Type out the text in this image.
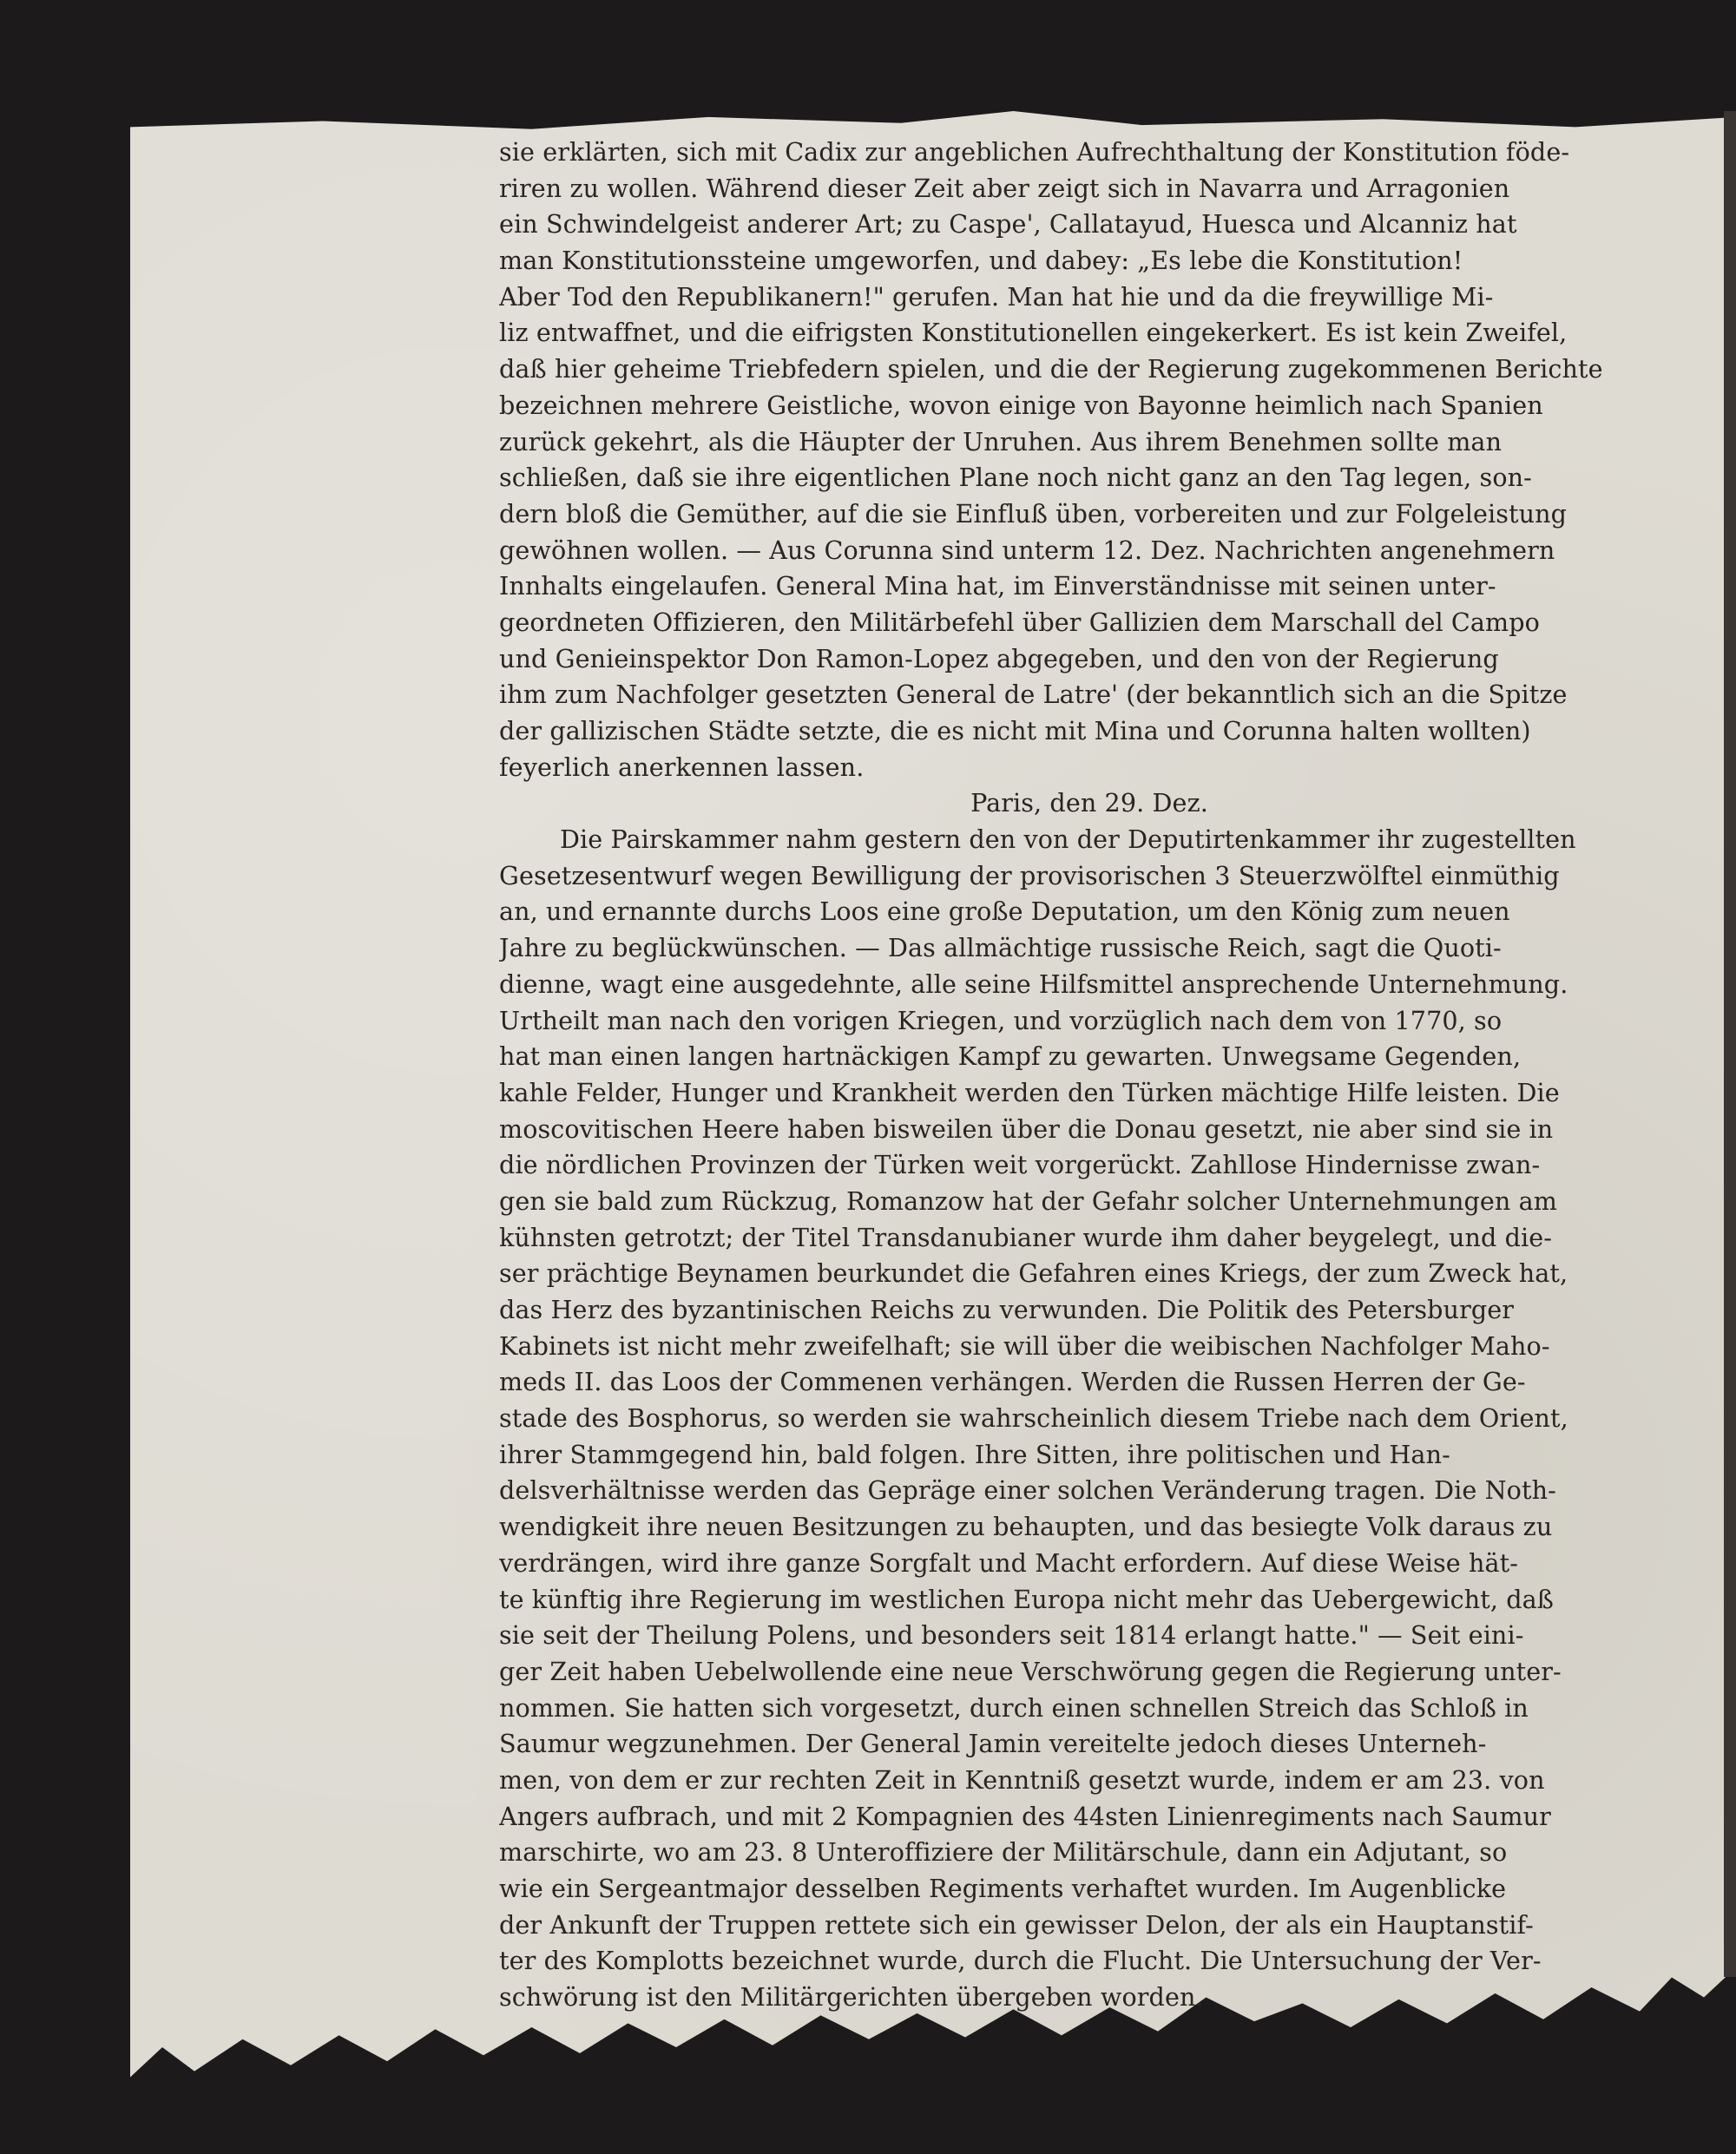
sie erklärten, sich mit Cadix zur angeblichen Aufrechthaltung der Konstitution föde-
riren zu wollen. Während dieser Zeit aber zeigt sich in Navarra und Arragonien
ein Schwindelgeist anderer Art; zu Caspe', Callatayud, Huesca und Alcanniz hat
man Konstitutionssteine umgeworfen, und dabey: „Es lebe die Konstitution!
Aber Tod den Republikanern!" gerufen. Man hat hie und da die freywillige Mi-
liz entwaffnet, und die eifrigsten Konstitutionellen eingekerkert. Es ist kein Zweifel,
daß hier geheime Triebfedern spielen, und die der Regierung zugekommenen Berichte
bezeichnen mehrere Geistliche, wovon einige von Bayonne heimlich nach Spanien
zurück gekehrt, als die Häupter der Unruhen. Aus ihrem Benehmen sollte man
schließen, daß sie ihre eigentlichen Plane noch nicht ganz an den Tag legen, son-
dern bloß die Gemüther, auf die sie Einfluß üben, vorbereiten und zur Folgeleistung
gewöhnen wollen. — Aus Corunna sind unterm 12. Dez. Nachrichten angenehmern
Innhalts eingelaufen. General Mina hat, im Einverständnisse mit seinen unter-
geordneten Offizieren, den Militärbefehl über Gallizien dem Marschall del Campo
und Genieinspektor Don Ramon-Lopez abgegeben, und den von der Regierung
ihm zum Nachfolger gesetzten General de Latre' (der bekanntlich sich an die Spitze
der gallizischen Städte setzte, die es nicht mit Mina und Corunna halten wollten)
feyerlich anerkennen lassen.
Paris, den 29. Dez.
Die Pairskammer nahm gestern den von der Deputirtenkammer ihr zugestellten
Gesetzesentwurf wegen Bewilligung der provisorischen 3 Steuerzwölftel einmüthig
an, und ernannte durchs Loos eine große Deputation, um den König zum neuen
Jahre zu beglückwünschen. — Das allmächtige russische Reich, sagt die Quoti-
dienne, wagt eine ausgedehnte, alle seine Hilfsmittel ansprechende Unternehmung.
Urtheilt man nach den vorigen Kriegen, und vorzüglich nach dem von 1770, so
hat man einen langen hartnäckigen Kampf zu gewarten. Unwegsame Gegenden,
kahle Felder, Hunger und Krankheit werden den Türken mächtige Hilfe leisten. Die
moscovitischen Heere haben bisweilen über die Donau gesetzt, nie aber sind sie in
die nördlichen Provinzen der Türken weit vorgerückt. Zahllose Hindernisse zwan-
gen sie bald zum Rückzug, Romanzow hat der Gefahr solcher Unternehmungen am
kühnsten getrotzt; der Titel Transdanubianer wurde ihm daher beygelegt, und die-
ser prächtige Beynamen beurkundet die Gefahren eines Kriegs, der zum Zweck hat,
das Herz des byzantinischen Reichs zu verwunden. Die Politik des Petersburger
Kabinets ist nicht mehr zweifelhaft; sie will über die weibischen Nachfolger Maho-
meds II. das Loos der Commenen verhängen. Werden die Russen Herren der Ge-
stade des Bosphorus, so werden sie wahrscheinlich diesem Triebe nach dem Orient,
ihrer Stammgegend hin, bald folgen. Ihre Sitten, ihre politischen und Han-
delsverhältnisse werden das Gepräge einer solchen Veränderung tragen. Die Noth-
wendigkeit ihre neuen Besitzungen zu behaupten, und das besiegte Volk daraus zu
verdrängen, wird ihre ganze Sorgfalt und Macht erfordern. Auf diese Weise hät-
te künftig ihre Regierung im westlichen Europa nicht mehr das Uebergewicht, daß
sie seit der Theilung Polens, und besonders seit 1814 erlangt hatte." — Seit eini-
ger Zeit haben Uebelwollende eine neue Verschwörung gegen die Regierung unter-
nommen. Sie hatten sich vorgesetzt, durch einen schnellen Streich das Schloß in
Saumur wegzunehmen. Der General Jamin vereitelte jedoch dieses Unterneh-
men, von dem er zur rechten Zeit in Kenntniß gesetzt wurde, indem er am 23. von
Angers aufbrach, und mit 2 Kompagnien des 44sten Linienregiments nach Saumur
marschirte, wo am 23. 8 Unteroffiziere der Militärschule, dann ein Adjutant, so
wie ein Sergeantmajor desselben Regiments verhaftet wurden. Im Augenblicke
der Ankunft der Truppen rettete sich ein gewisser Delon, der als ein Hauptanstif-
ter des Komplotts bezeichnet wurde, durch die Flucht. Die Untersuchung der Ver-
schwörung ist den Militärgerichten übergeben worden.
